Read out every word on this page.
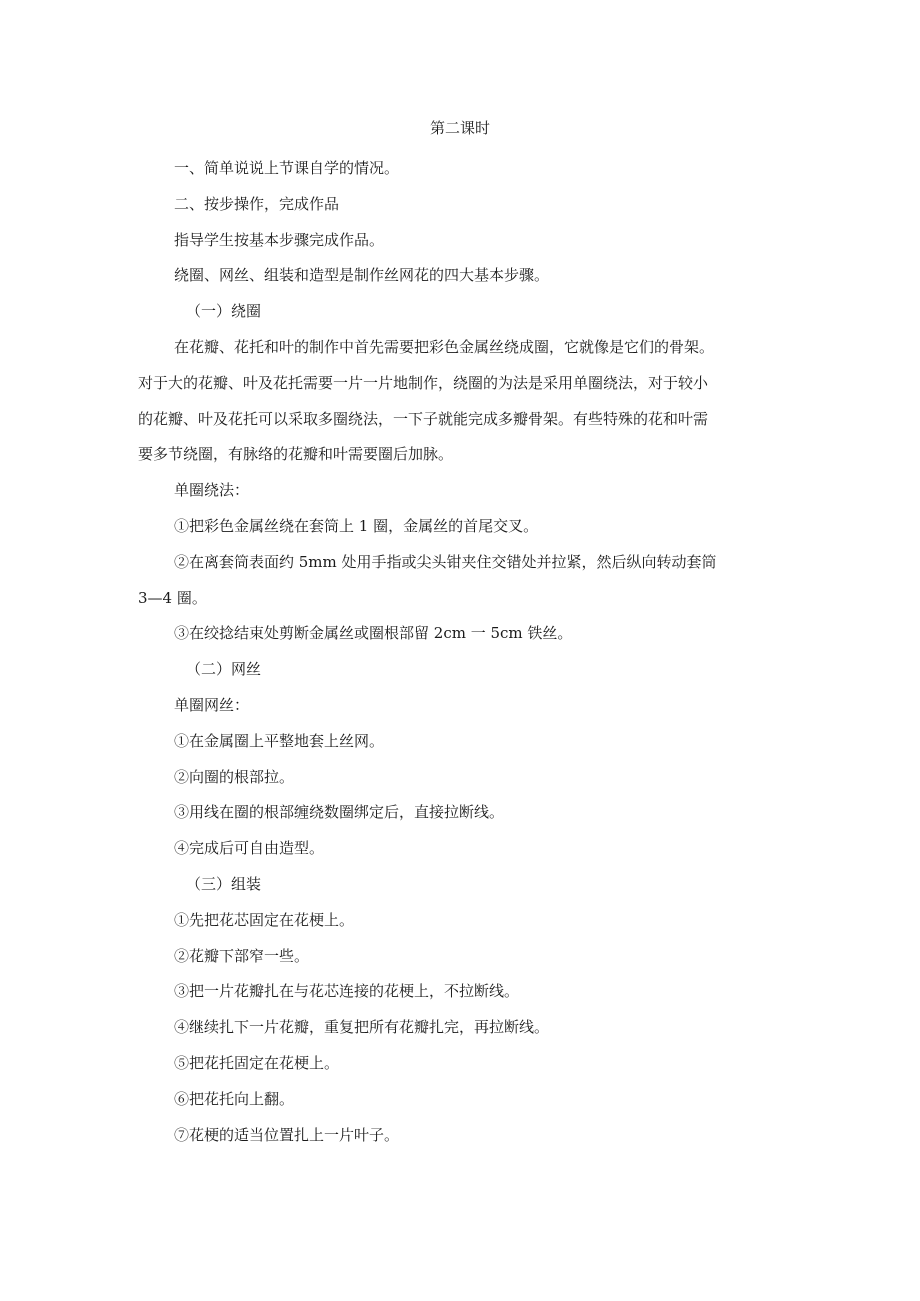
第二课时
一、简单说说上节课自学的情况。
二、按步操作，完成作品
指导学生按基本步骤完成作品。
绕圈、网丝、组装和造型是制作丝网花的四大基本步骤。
（一）绕圈
在花瓣、花托和叶的制作中首先需要把彩色金属丝绕成圈，它就像是它们的骨架。
对于大的花瓣、叶及花托需要一片一片地制作，绕圈的为法是采用单圈绕法，对于较小
的花瓣、叶及花托可以采取多圈绕法，一下子就能完成多瓣骨架。有些特殊的花和叶需
要多节绕圈，有脉络的花瓣和叶需要圈后加脉。
单圈绕法：
①把彩色金属丝绕在套筒上 1 圈，金属丝的首尾交叉。
②在离套筒表面约 5mm 处用手指或尖头钳夹住交错处并拉紧，然后纵向转动套筒
3—4 圈。
③在绞捻结束处剪断金属丝或圈根部留 2cm 一 5cm 铁丝。
（二）网丝
单圈网丝：
①在金属圈上平整地套上丝网。
②向圈的根部拉。
③用线在圈的根部缠绕数圈绑定后，直接拉断线。
④完成后可自由造型。
（三）组装
①先把花芯固定在花梗上。
②花瓣下部窄一些。
③把一片花瓣扎在与花芯连接的花梗上，不拉断线。
④继续扎下一片花瓣，重复把所有花瓣扎完，再拉断线。
⑤把花托固定在花梗上。
⑥把花托向上翻。
⑦花梗的适当位置扎上一片叶子。
